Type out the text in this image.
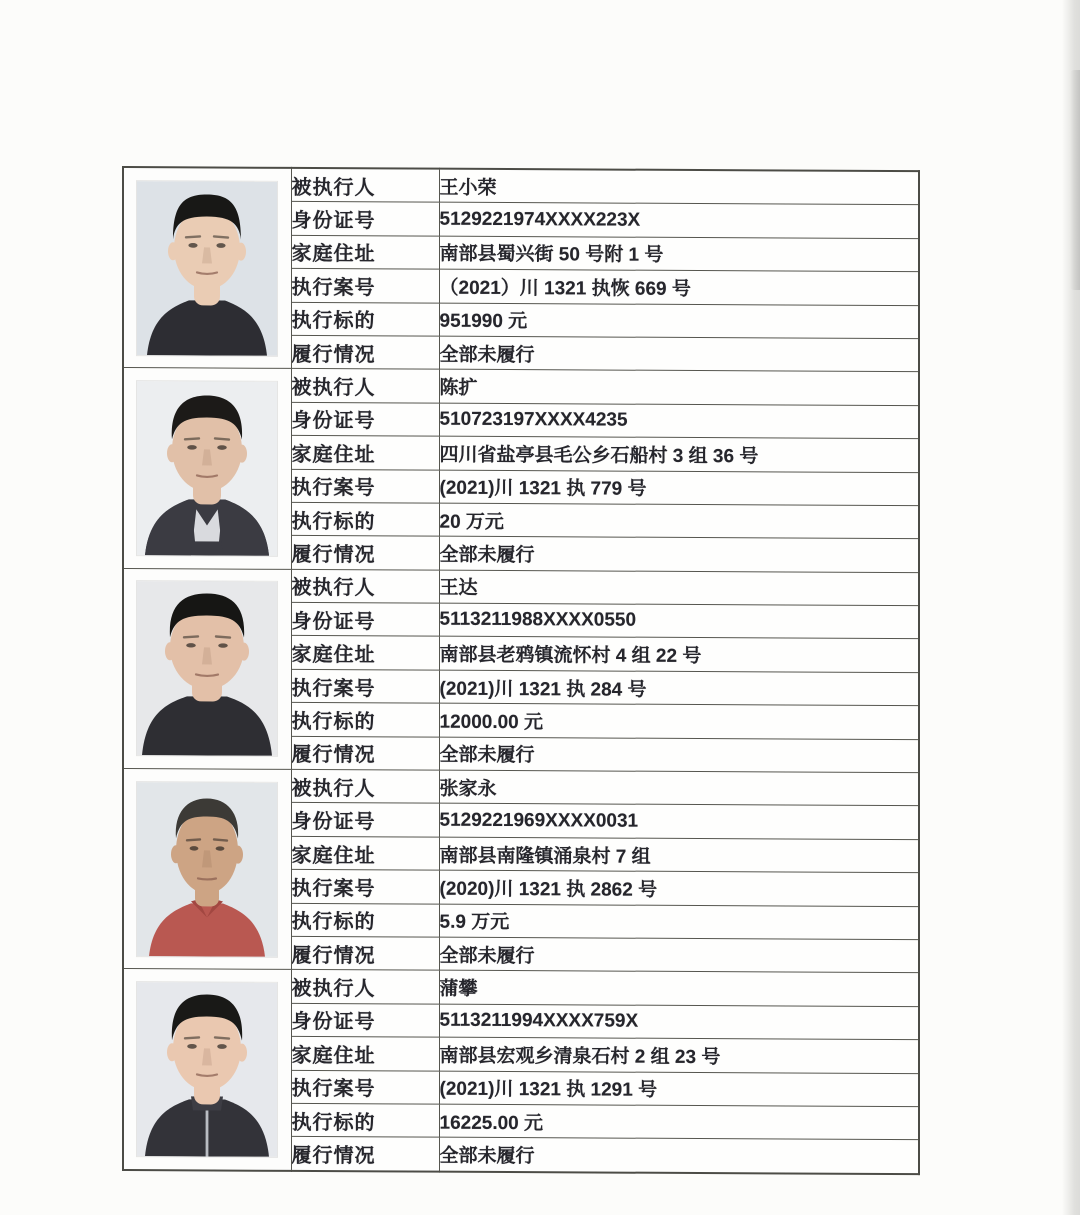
	被执行人	王小荣
	身份证号	5129221974XXXX223X
	家庭住址	南部县蜀兴街 50 号附 1 号
	执行案号	（2021）川 1321 执恢 669 号
	执行标的	951990 元
	履行情况	全部未履行
	被执行人	陈扩
	身份证号	510723197XXXX4235
	家庭住址	四川省盐亭县毛公乡石船村 3 组 36 号
	执行案号	(2021)川 1321 执 779 号
	执行标的	20 万元
	履行情况	全部未履行
	被执行人	王达
	身份证号	5113211988XXXX0550
	家庭住址	南部县老鸦镇流怀村 4 组 22 号
	执行案号	(2021)川 1321 执 284 号
	执行标的	12000.00 元
	履行情况	全部未履行
	被执行人	张家永
	身份证号	5129221969XXXX0031
	家庭住址	南部县南隆镇涌泉村 7 组
	执行案号	(2020)川 1321 执 2862 号
	执行标的	5.9 万元
	履行情况	全部未履行
	被执行人	蒲攀
	身份证号	5113211994XXXX759X
	家庭住址	南部县宏观乡清泉石村 2 组 23 号
	执行案号	(2021)川 1321 执 1291 号
	执行标的	16225.00 元
	履行情况	全部未履行
